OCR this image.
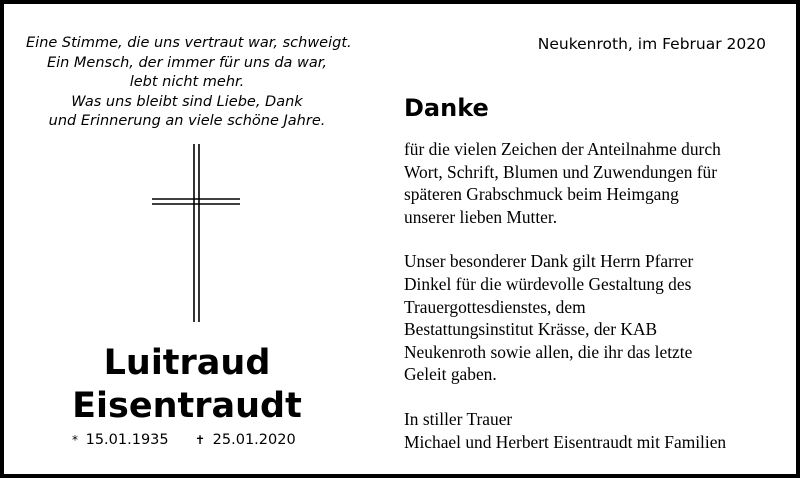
Eine Stimme, die uns vertraut war, schweigt.
Ein Mensch, der immer für uns da war,
lebt nicht mehr.
Was uns bleibt sind Liebe, Dank
und Erinnerung an viele schöne Jahre.
Neukenroth, im Februar 2020
Danke
für die vielen Zeichen der Anteilnahme durch
Wort, Schrift, Blumen und Zuwendungen für
späteren Grabschmuck beim Heimgang
unserer lieben Mutter.
Unser besonderer Dank gilt Herrn Pfarrer
Dinkel für die würdevolle Gestaltung des
Trauergottesdienstes, dem
Bestattungsinstitut Krässe, der KAB
Neukenroth sowie allen, die ihr das letzte
Geleit gaben.
In stiller Trauer
Michael und Herbert Eisentraudt mit Familien
Luitraud
Eisentraudt
* 15.01.1935 ✝ 25.01.2020
